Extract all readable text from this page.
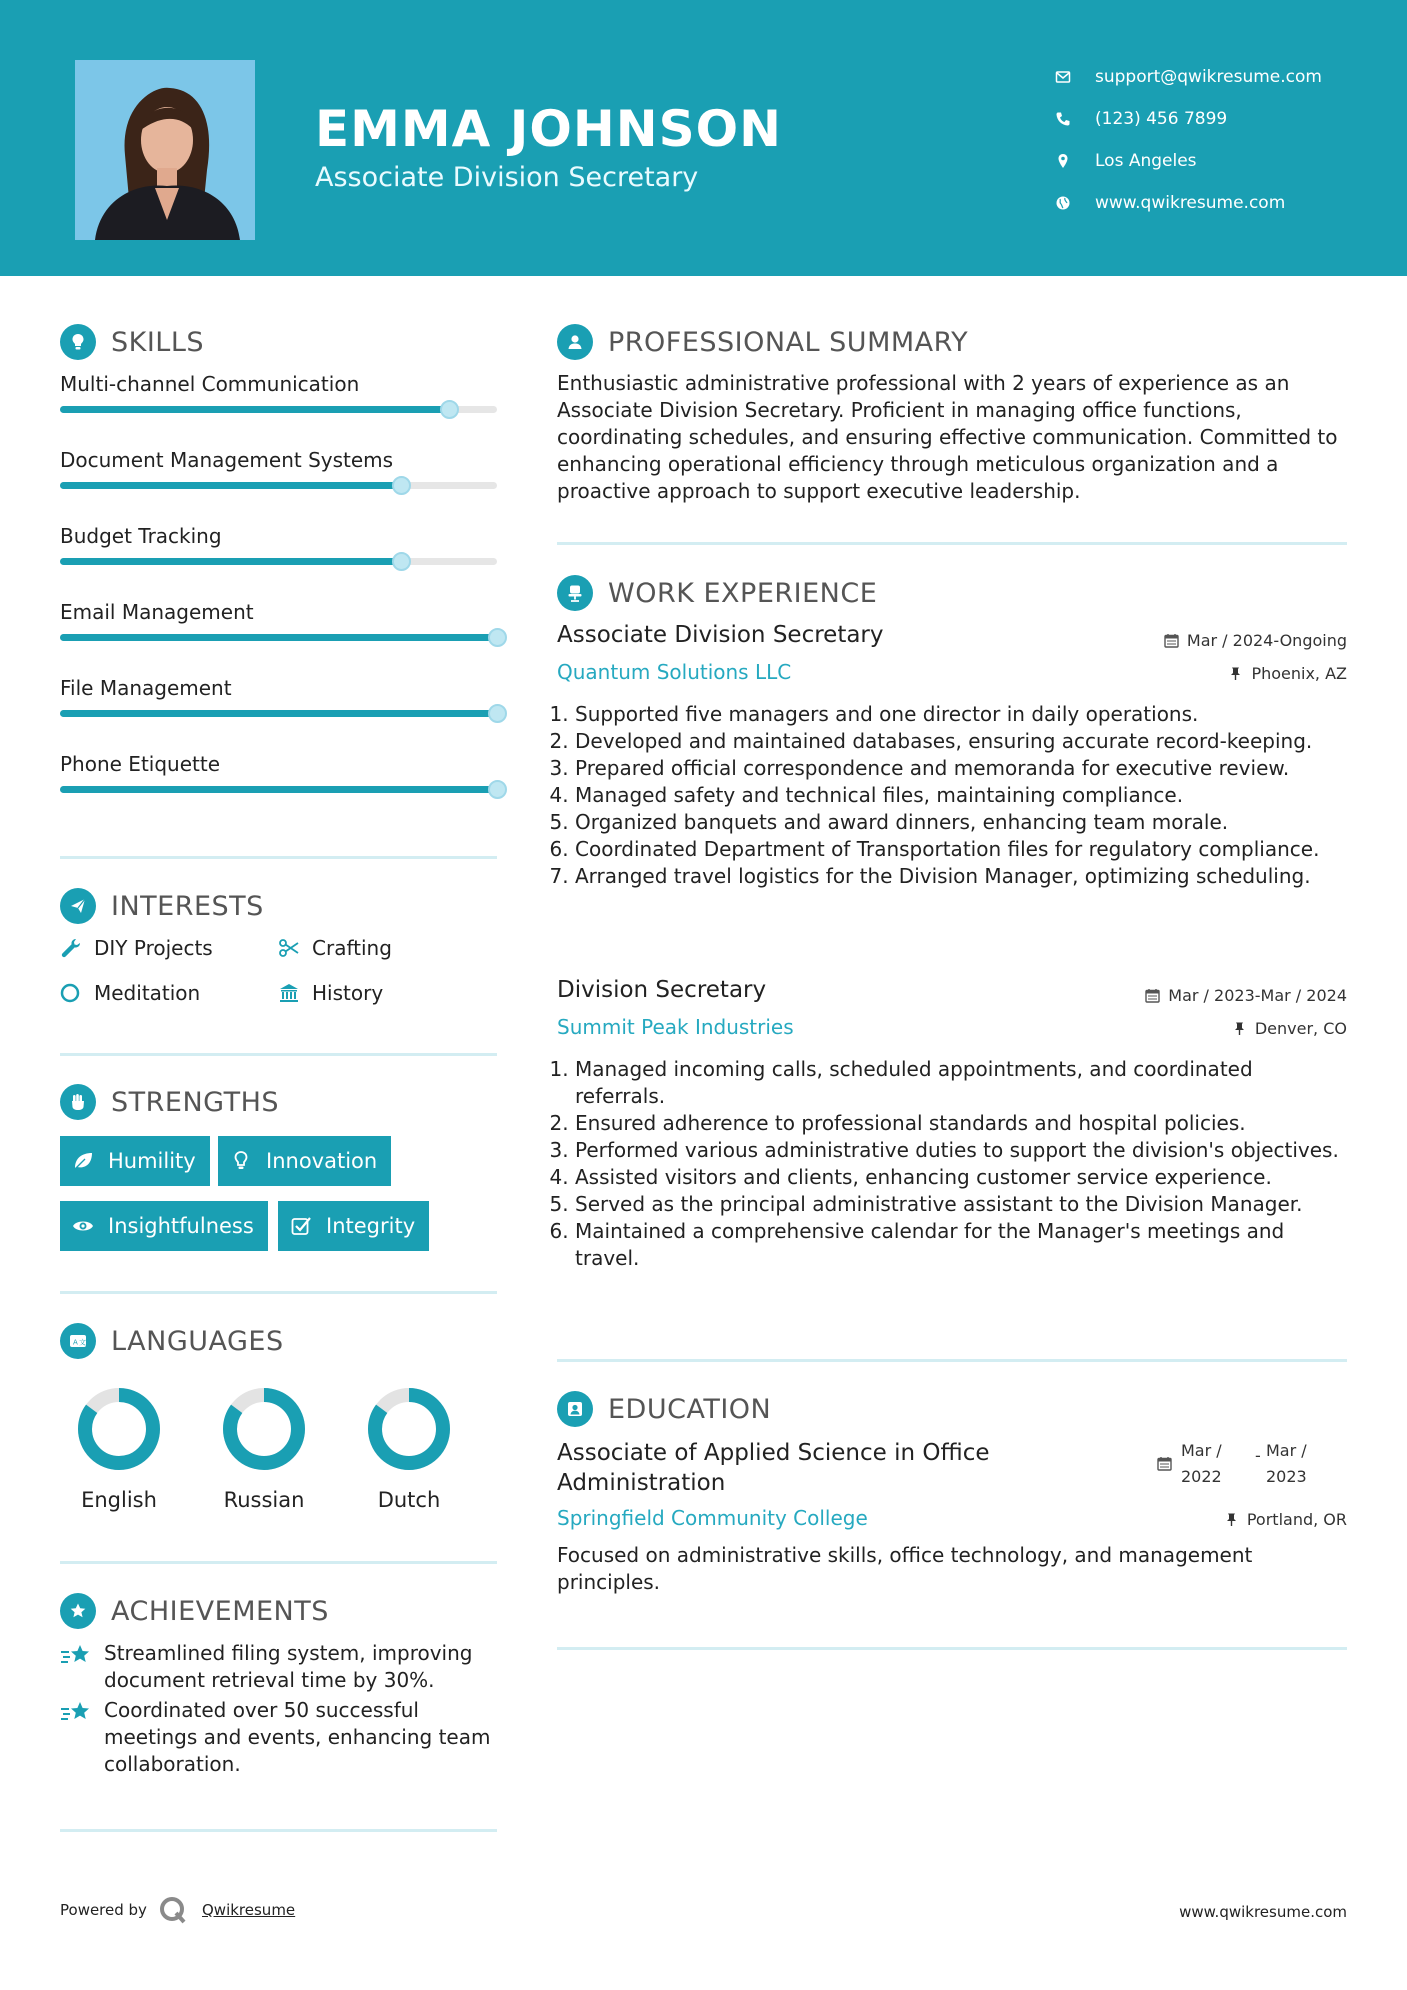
EMMA JOHNSON
Associate Division Secretary
support@qwikresume.com
(123) 456 7899
Los Angeles
www.qwikresume.com
SKILLS
Multi-channel Communication
Document Management Systems
Budget Tracking
Email Management
File Management
Phone Etiquette
INTERESTS
DIY Projects	Crafting
Meditation	History
STRENGTHS
Humility	Innovation
Insightfulness	Integrity
A 文 LANGUAGES
English	Russian	Dutch
ACHIEVEMENTS
Streamlined filing system, improving document retrieval time by 30%.
Coordinated over 50 successful meetings and events, enhancing team collaboration.
PROFESSIONAL SUMMARY
Enthusiastic administrative professional with 2 years of experience as an Associate Division Secretary. Proficient in managing office functions, coordinating schedules, and ensuring effective communication. Committed to enhancing operational efficiency through meticulous organization and a proactive approach to support executive leadership.
WORK EXPERIENCE
Associate Division Secretary	Mar / 2024-Ongoing
Quantum Solutions LLC	Phoenix, AZ
1. Supported five managers and one director in daily operations.
2. Developed and maintained databases, ensuring accurate record-keeping.
3. Prepared official correspondence and memoranda for executive review.
4. Managed safety and technical files, maintaining compliance.
5. Organized banquets and award dinners, enhancing team morale.
6. Coordinated Department of Transportation files for regulatory compliance.
7. Arranged travel logistics for the Division Manager, optimizing scheduling.
Division Secretary	Mar / 2023-Mar / 2024
Summit Peak Industries	Denver, CO
1. Managed incoming calls, scheduled appointments, and coordinated referrals.
2. Ensured adherence to professional standards and hospital policies.
3. Performed various administrative duties to support the division's objectives.
4. Assisted visitors and clients, enhancing customer service experience.
5. Served as the principal administrative assistant to the Division Manager.
6. Maintained a comprehensive calendar for the Manager's meetings and travel.
EDUCATION
Associate of Applied Science in Office Administration
Mar / 2022
- Mar / 2023
Springfield Community College	Portland, OR
Focused on administrative skills, office technology, and management principles.
Powered by	Qwikresume	www.qwikresume.com
